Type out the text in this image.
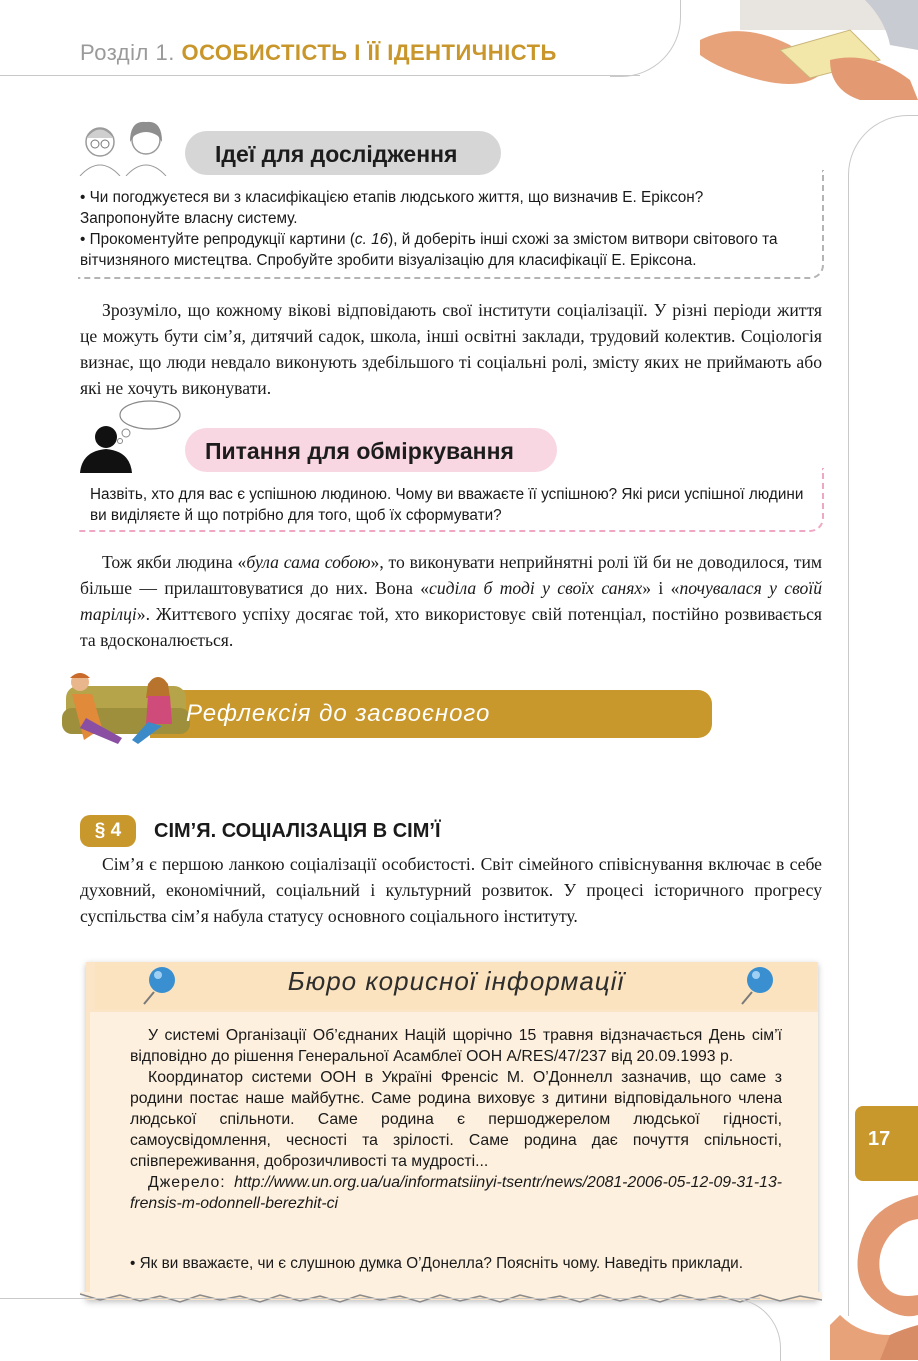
Розділ 1. ОСОБИСТІСТЬ І ЇЇ ІДЕНТИЧНІСТЬ
Ідеї для дослідження
• Чи погоджуєтеся ви з класифікацією етапів людського життя, що визначив Е. Еріксон? Запропонуйте власну систему.
• Прокоментуйте репродукції картини (с. 16), й доберіть інші схожі за змістом витвори світового та вітчизняного мистецтва. Спробуйте зробити візуалізацію для класифікації Е. Еріксона.
Зрозуміло, що кожному віковi відповідають свої інститути соціалізації. У різні періоди життя це можуть бути сім’я, дитячий садок, школа, інші освітні заклади, трудовий колектив. Соціологія визнає, що люди невдало виконують здебільшого ті соціальні ролі, змісту яких не приймають або які не хочуть виконувати.
Питання для обміркування
Назвіть, хто для вас є успішною людиною. Чому ви вважаєте її успішною? Які риси успішної людини ви виділяєте й що потрібно для того, щоб їх сформувати?
Тож якби людина «була сама собою», то виконувати неприйнятні ролі їй би не доводилося, тим більше — прилаштовуватися до них. Вона «сиділа б тоді у своїх санях» і «почувалася у своїй тарілці». Життєвого успіху досягає той, хто використовує свій потенціал, постійно розвивається та вдосконалюється.
Рефлексія до засвоєного
§ 4	СІМ’Я. СОЦІАЛІЗАЦІЯ В СІМ’Ї
Сім’я є першою ланкою соціалізації особистості. Світ сімейного співіснування включає в себе духовний, економічний, соціальний і культурний розвиток. У процесі історичного прогресу суспільства сім’я набула статусу основного соціального інституту.
Бюро корисної інформації

У системі Організації Об’єднаних Націй щорічно 15 травня відзначається День сім’ї відповідно до рішення Генеральної Асамблеї ООН A/RES/47/237 від 20.09.1993 р.

Координатор системи ООН в Україні Френсіс М. О’Доннелл зазначив, що саме з родини постає наше майбутнє. Саме родина виховує з дитини відповідального члена людської спільноти. Саме родина є першоджерелом людської гідності, самоусвідомлення, чесності та зрілості. Саме родина дає почуття спільності, співпереживання, доброзичливості та мудрості...

Джерело: http://www.un.org.ua/ua/informatsiinyi-tsentr/news/2081-2006-05-12-09-31-13-frensis-m-odonnell-berezhit-ci

• Як ви вважаєте, чи є слушною думка О’Донелла? Поясніть чому. Наведіть приклади.
17
